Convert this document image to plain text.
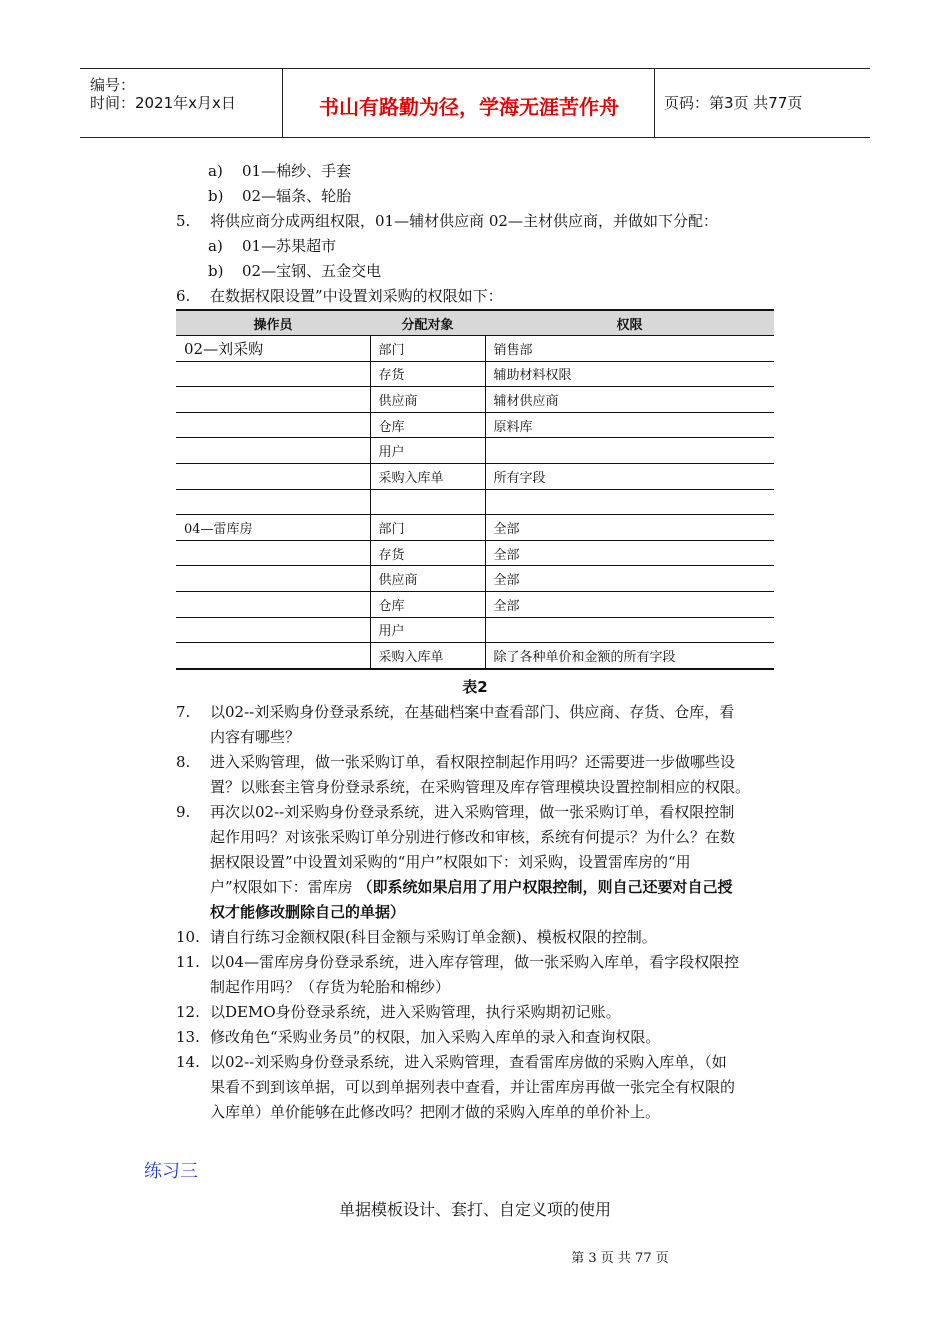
编号：
时间：2021年x月x日	书山有路勤为径，学海无涯苦作舟	页码：第3页 共77页
a) 01—棉纱、手套
b) 02—辐条、轮胎
5. 将供应商分成两组权限，01—辅材供应商 02—主材供应商，并做如下分配：
a) 01—苏果超市
b) 02—宝钢、五金交电
6. 在数据权限设置”中设置刘采购的权限如下：
操作员	分配对象	权限
02—刘采购	部门	销售部
	存货	辅助材料权限
	供应商	辅材供应商
	仓库	原料库
	用户	
	采购入库单	所有字段

04—雷库房	部门	全部
	存货	全部
	供应商	全部
	仓库	全部
	用户	
	采购入库单	除了各种单价和金额的所有字段
表2
7. 以02--刘采购身份登录系统，在基础档案中查看部门、供应商、存货、仓库，看
内容有哪些？
8. 进入采购管理，做一张采购订单，看权限控制起作用吗？还需要进一步做哪些设
置？以账套主管身份登录系统，在采购管理及库存管理模块设置控制相应的权限。
9. 再次以02--刘采购身份登录系统，进入采购管理，做一张采购订单，看权限控制
起作用吗？对该张采购订单分别进行修改和审核，系统有何提示？为什么？在数
据权限设置”中设置刘采购的“用户”权限如下：刘采购，设置雷库房的“用
户”权限如下：雷库房 （即系统如果启用了用户权限控制，则自己还要对自己授
权才能修改删除自己的单据）
10. 请自行练习金额权限(科目金额与采购订单金额)、模板权限的控制。
11. 以04—雷库房身份登录系统，进入库存管理，做一张采购入库单，看字段权限控
制起作用吗？（存货为轮胎和棉纱）
12. 以DEMO身份登录系统，进入采购管理，执行采购期初记账。
13. 修改角色“采购业务员”的权限，加入采购入库单的录入和查询权限。
14. 以02--刘采购身份登录系统，进入采购管理，查看雷库房做的采购入库单，（如
果看不到到该单据，可以到单据列表中查看，并让雷库房再做一张完全有权限的
入库单）单价能够在此修改吗？把刚才做的采购入库单的单价补上。
练习三
单据模板设计、套打、自定义项的使用
第 3 页 共 77 页
